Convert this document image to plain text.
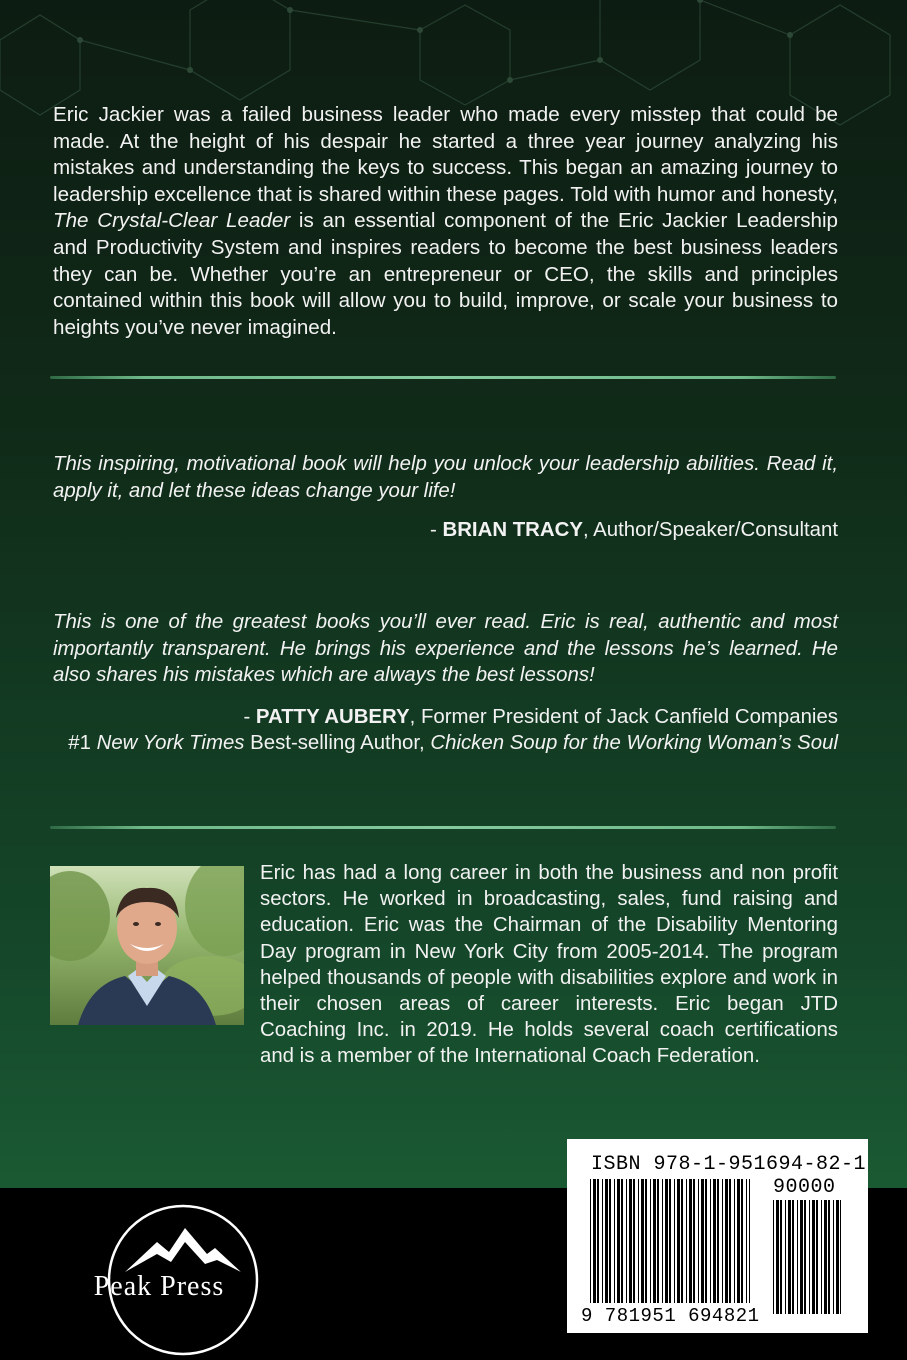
Eric Jackier was a failed business leader who made every misstep that could be made. At the height of his despair he started a three year journey analyzing his mistakes and understanding the keys to success. This began an amazing journey to leadership excellence that is shared within these pages. Told with humor and honesty, The Crystal-Clear Leader is an essential component of the Eric Jackier Leadership and Productivity System and inspires readers to become the best business leaders they can be. Whether you’re an entrepreneur or CEO, the skills and principles contained within this book will allow you to build, improve, or scale your business to heights you’ve never imagined.

This inspiring, motivational book will help you unlock your leadership abilities. Read it, apply it, and let these ideas change your life!

- BRIAN TRACY, Author/Speaker/Consultant

This is one of the greatest books you’ll ever read. Eric is real, authentic and most importantly transparent. He brings his experience and the lessons he’s learned. He also shares his mistakes which are always the best lessons!

- PATTY AUBERY, Former President of Jack Canfield Companies

#1 New York Times Best-selling Author, Chicken Soup for the Working Woman’s Soul

Eric has had a long career in both the business and non profit sectors. He worked in broadcasting, sales, fund raising and education. Eric was the Chairman of the Disability Mentoring Day program in New York City from 2005-2014. The program helped thousands of people with disabilities explore and work in their chosen areas of career interests. Eric began JTD Coaching Inc. in 2019. He holds several coach certifications and is a member of the International Coach Federation.

Peak Press
ISBN 978-1-951694-82-1
90000
9 781951 694821
